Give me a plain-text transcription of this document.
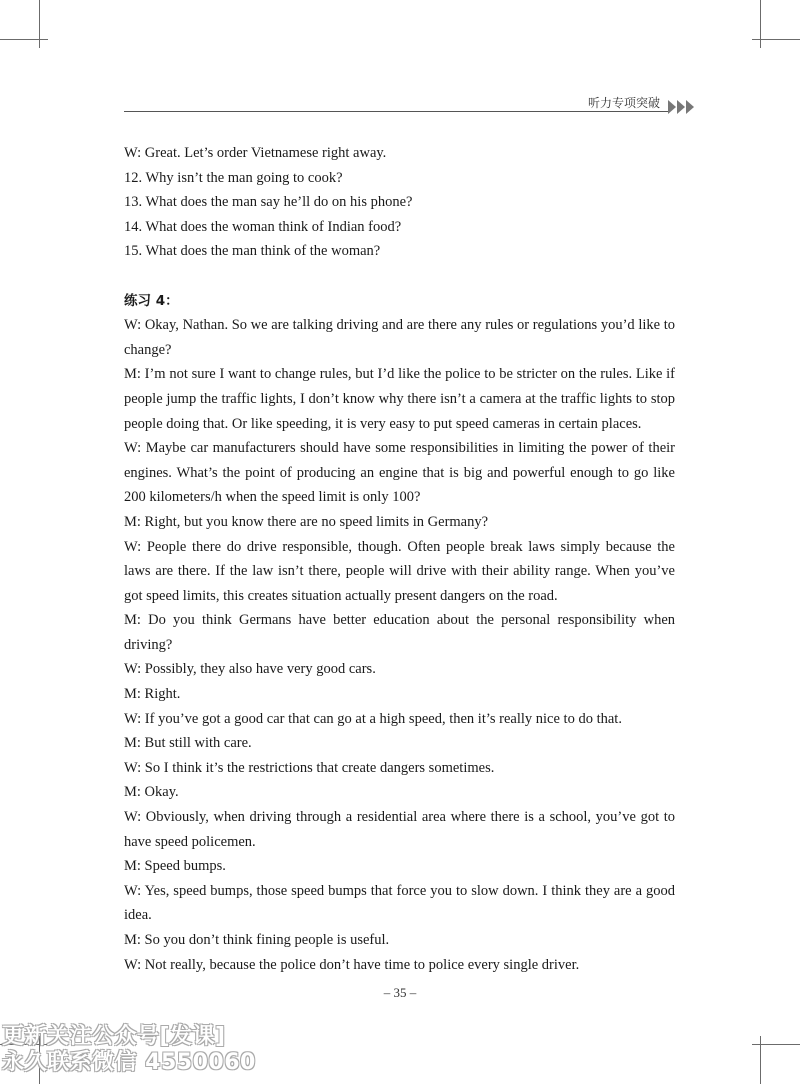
听力专项突破

W: Great. Let’s order Vietnamese right away.

12. Why isn’t the man going to cook?

13. What does the man say he’ll do on his phone?

14. What does the woman think of Indian food?

15. What does the man think of the woman?

练习 4：

W: Okay, Nathan. So we are talking driving and are there any rules or regulations you’d like to change?

M: I’m not sure I want to change rules, but I’d like the police to be stricter on the rules. Like if people jump the traffic lights, I don’t know why there isn’t a camera at the traffic lights to stop people doing that. Or like speeding, it is very easy to put speed cameras in certain places.

W: Maybe car manufacturers should have some responsibilities in limiting the power of their engines. What’s the point of producing an engine that is big and powerful enough to go like 200 kilometers/h when the speed limit is only 100?

M: Right, but you know there are no speed limits in Germany?

W: People there do drive responsible, though. Often people break laws simply because the laws are there. If the law isn’t there, people will drive with their ability range. When you’ve got speed limits, this creates situation actually present dangers on the road.

M: Do you think Germans have better education about the personal responsibility when driving?

W: Possibly, they also have very good cars.

M: Right.

W: If you’ve got a good car that can go at a high speed, then it’s really nice to do that.

M: But still with care.

W: So I think it’s the restrictions that create dangers sometimes.

M: Okay.

W: Obviously, when driving through a residential area where there is a school, you’ve got to have speed policemen.

M: Speed bumps.

W: Yes, speed bumps, those speed bumps that force you to slow down. I think they are a good idea.

M: So you don’t think fining people is useful.

W: Not really, because the police don’t have time to police every single driver.

– 35 –
更新关注公众号[发课]
永久联系微信 4550060
